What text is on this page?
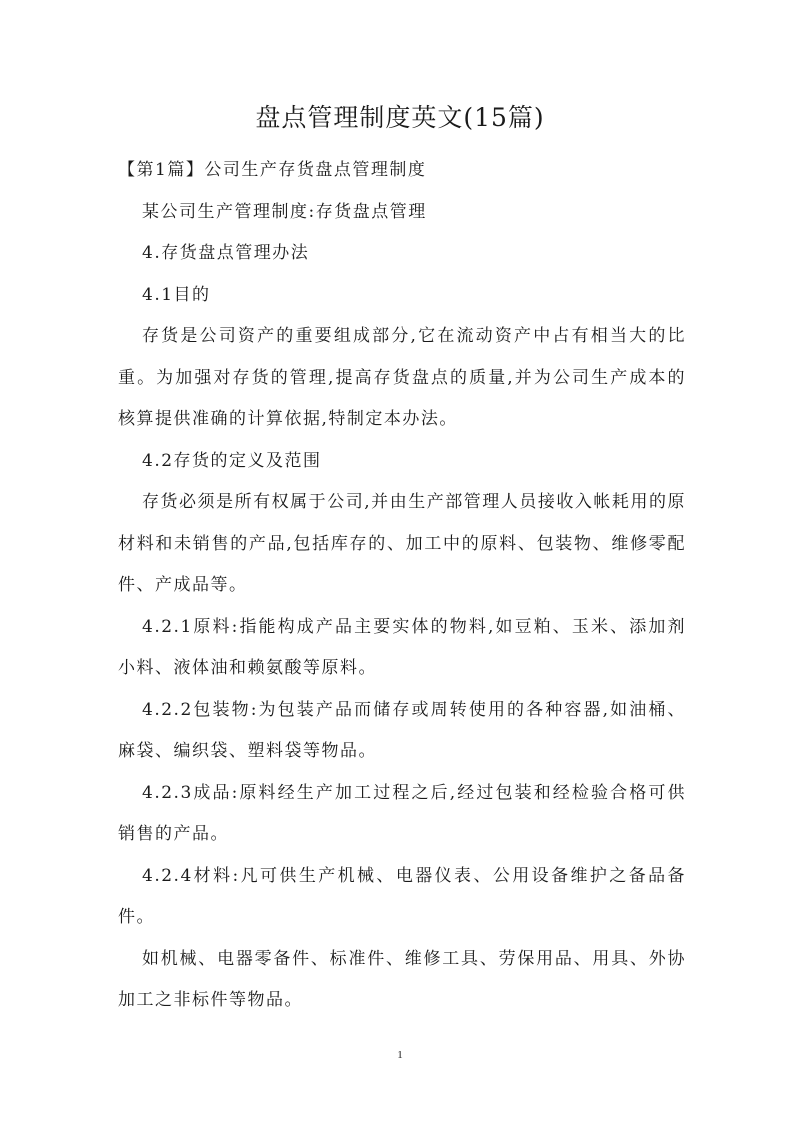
盘点管理制度英文(15篇)

【第1篇】公司生产存货盘点管理制度

某公司生产管理制度:存货盘点管理

4.存货盘点管理办法

4.1目的

存货是公司资产的重要组成部分,它在流动资产中占有相当大的比重。为加强对存货的管理,提高存货盘点的质量,并为公司生产成本的核算提供准确的计算依据,特制定本办法。

4.2存货的定义及范围

存货必须是所有权属于公司,并由生产部管理人员接收入帐耗用的原材料和未销售的产品,包括库存的、加工中的原料、包装物、维修零配件、产成品等。

4.2.1原料:指能构成产品主要实体的物料,如豆粕、玉米、添加剂小料、液体油和赖氨酸等原料。

4.2.2包装物:为包装产品而储存或周转使用的各种容器,如油桶、麻袋、编织袋、塑料袋等物品。

4.2.3成品:原料经生产加工过程之后,经过包装和经检验合格可供销售的产品。

4.2.4材料:凡可供生产机械、电器仪表、公用设备维护之备品备件。

如机械、电器零备件、标准件、维修工具、劳保用品、用具、外协加工之非标件等物品。

1
